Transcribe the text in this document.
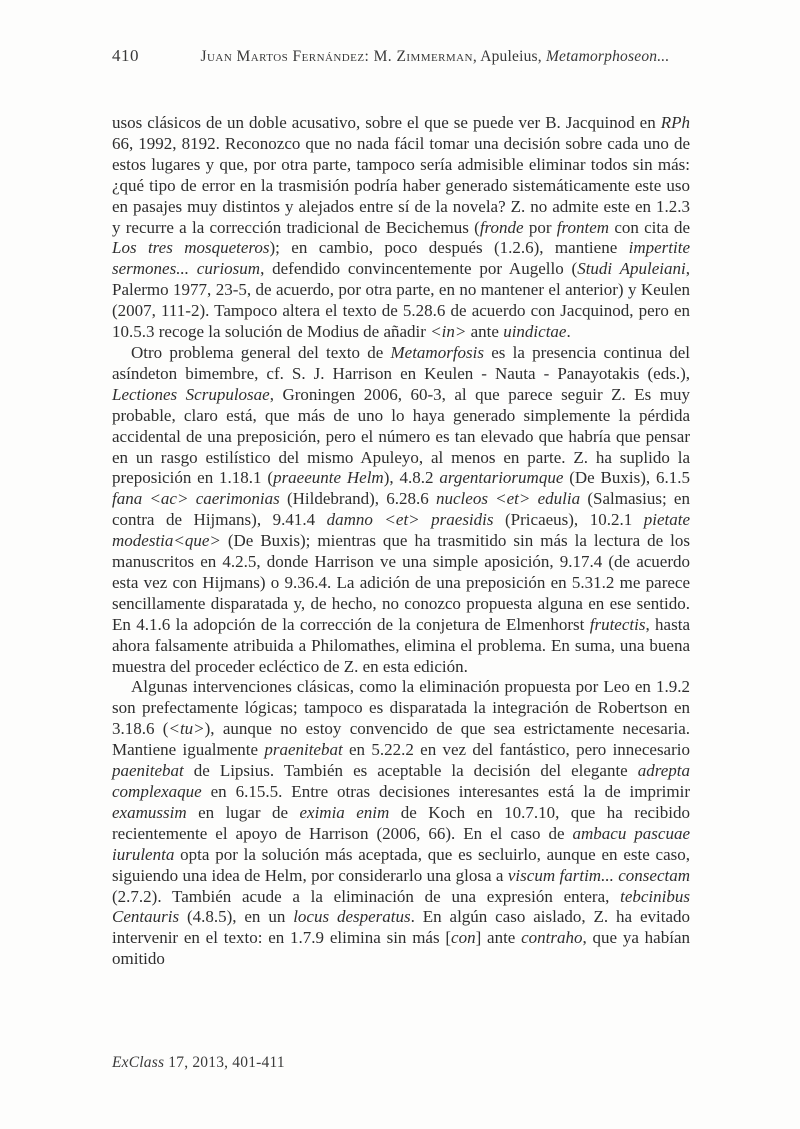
410	Juan Martos Fernández: M. Zimmerman, Apuleius, Metamorphoseon...

usos clásicos de un doble acusativo, sobre el que se puede ver B. Jacquinod en RPh 66, 1992, 8192. Reconozco que no nada fácil tomar una decisión sobre cada uno de estos lugares y que, por otra parte, tampoco sería admisible eliminar todos sin más: ¿qué tipo de error en la trasmisión podría haber generado sistemáticamente este uso en pasajes muy distintos y alejados entre sí de la novela? Z. no admite este en 1.2.3 y recurre a la corrección tradicional de Becichemus (fronde por frontem con cita de Los tres mosqueteros); en cambio, poco después (1.2.6), mantiene impertite sermones... curiosum, defendido convincentemente por Augello (Studi Apuleiani, Palermo 1977, 23-5, de acuerdo, por otra parte, en no mantener el anterior) y Keulen (2007, 111-2). Tampoco altera el texto de 5.28.6 de acuerdo con Jacquinod, pero en 10.5.3 recoge la solución de Modius de añadir <in> ante uindictae.

Otro problema general del texto de Metamorfosis es la presencia continua del asíndeton bimembre, cf. S. J. Harrison en Keulen - Nauta - Panayotakis (eds.), Lectiones Scrupulosae, Groningen 2006, 60-3, al que parece seguir Z. Es muy probable, claro está, que más de uno lo haya generado simplemente la pérdida accidental de una preposición, pero el número es tan elevado que habría que pensar en un rasgo estilístico del mismo Apuleyo, al menos en parte. Z. ha suplido la preposición en 1.18.1 (praeeunte Helm), 4.8.2 argentariorumque (De Buxis), 6.1.5 fana <ac> caerimonias (Hildebrand), 6.28.6 nucleos <et> edulia (Salmasius; en contra de Hijmans), 9.41.4 damno <et> praesidis (Pricaeus), 10.2.1 pietate modestia<que> (De Buxis); mientras que ha trasmitido sin más la lectura de los manuscritos en 4.2.5, donde Harrison ve una simple aposición, 9.17.4 (de acuerdo esta vez con Hijmans) o 9.36.4. La adición de una preposición en 5.31.2 me parece sencillamente disparatada y, de hecho, no conozco propuesta alguna en ese sentido. En 4.1.6 la adopción de la corrección de la conjetura de Elmenhorst frutectis, hasta ahora falsamente atribuida a Philomathes, elimina el problema. En suma, una buena muestra del proceder ecléctico de Z. en esta edición.

Algunas intervenciones clásicas, como la eliminación propuesta por Leo en 1.9.2 son prefectamente lógicas; tampoco es disparatada la integración de Robertson en 3.18.6 (<tu>), aunque no estoy convencido de que sea estrictamente necesaria. Mantiene igualmente praenitebat en 5.22.2 en vez del fantástico, pero innecesario paenitebat de Lipsius. También es aceptable la decisión del elegante adrepta complexaque en 6.15.5. Entre otras decisiones interesantes está la de imprimir examussim en lugar de eximia enim de Koch en 10.7.10, que ha recibido recientemente el apoyo de Harrison (2006, 66). En el caso de ambacu pascuae iurulenta opta por la solución más aceptada, que es secluirlo, aunque en este caso, siguiendo una idea de Helm, por considerarlo una glosa a viscum fartim... consectam (2.7.2). También acude a la eliminación de una expresión entera, tebcinibus Centauris (4.8.5), en un locus desperatus. En algún caso aislado, Z. ha evitado intervenir en el texto: en 1.7.9 elimina sin más [con] ante contraho, que ya habían omitido

ExClass 17, 2013, 401-411
